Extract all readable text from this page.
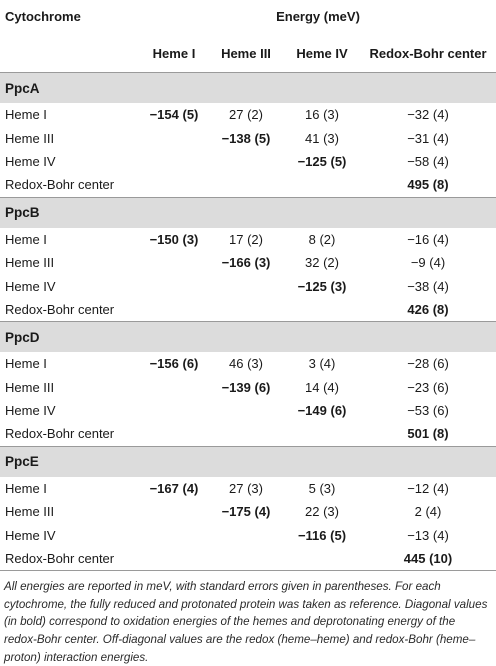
Cytochrome	Energy (meV)			
	Heme I	Heme III	Heme IV	Redox-Bohr center
PpcA				
Heme I	−154 (5)	27 (2)	16 (3)	−32 (4)
Heme III		−138 (5)	41 (3)	−31 (4)
Heme IV			−125 (5)	−58 (4)
Redox-Bohr center				495 (8)
PpcB				
Heme I	−150 (3)	17 (2)	8 (2)	−16 (4)
Heme III		−166 (3)	32 (2)	−9 (4)
Heme IV			−125 (3)	−38 (4)
Redox-Bohr center				426 (8)
PpcD				
Heme I	−156 (6)	46 (3)	3 (4)	−28 (6)
Heme III		−139 (6)	14 (4)	−23 (6)
Heme IV			−149 (6)	−53 (6)
Redox-Bohr center				501 (8)
PpcE				
Heme I	−167 (4)	27 (3)	5 (3)	−12 (4)
Heme III		−175 (4)	22 (3)	2 (4)
Heme IV			−116 (5)	−13 (4)
Redox-Bohr center				445 (10)
All energies are reported in meV, with standard errors given in parentheses. For each cytochrome, the fully reduced and protonated protein was taken as reference. Diagonal values (in bold) correspond to oxidation energies of the hemes and deprotonating energy of the redox-Bohr center. Off-diagonal values are the redox (heme–heme) and redox-Bohr (heme–proton) interaction energies.				
